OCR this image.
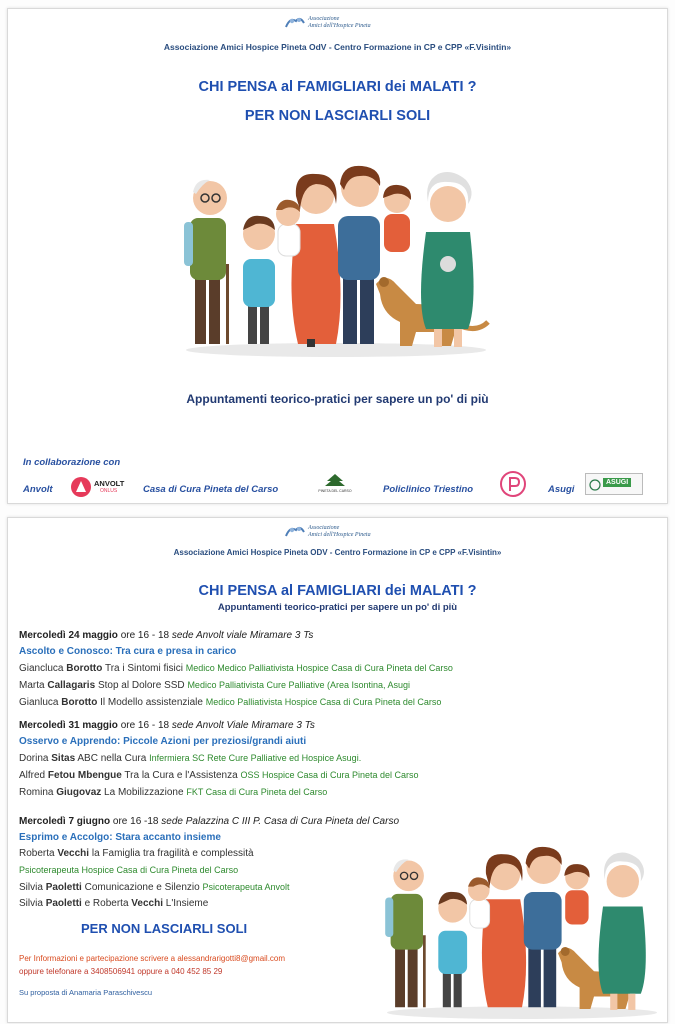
Associazione
Amici dell'Hospice Pineta
Associazione Amici Hospice Pineta OdV - Centro Formazione in CP e CPP «F.Visintin»
CHI PENSA al FAMIGLIARI dei MALATI ?
PER NON LASCIARLI SOLI
Appuntamenti teorico-pratici per sapere un po' di più
In collaborazione con
Anvolt
ANVOLT
ONLUS	Casa di Cura Pineta del Carso	PINETA DEL CARSO	Policlinico Triestino	Asugi
ASUGI
Associazione
Amici dell'Hospice Pineta
Associazione Amici Hospice Pineta ODV - Centro Formazione in CP e CPP «F.Visintin»
CHI PENSA al FAMIGLIARI dei MALATI ?
Appuntamenti teorico-pratici per sapere un po' di più
Mercoledì 24 maggio ore 16 - 18 sede Anvolt viale Miramare 3 Ts
Ascolto e Conosco: Tra cura e presa in carico
Giancluca Borotto Tra i Sintomi fisici Medico Medico Palliativista Hospice Casa di Cura Pineta del Carso
Marta Callagaris Stop al Dolore SSD Medico Palliativista Cure Palliative (Area Isontina, Asugi
Gianluca Borotto Il Modello assistenziale Medico Palliativista Hospice Casa di Cura Pineta del Carso
Mercoledì 31 maggio ore 16 - 18 sede Anvolt Viale Miramare 3 Ts
Osservo e Apprendo: Piccole Azioni per preziosi/grandi aiuti
Dorina Sitas ABC nella Cura Infermiera SC Rete Cure Palliative ed Hospice Asugi.
Alfred Fetou Mbengue Tra la Cura e l'Assistenza OSS Hospice Casa di Cura Pineta del Carso
Romina Giugovaz La Mobilizzazione FKT Casa di Cura Pineta del Carso
Mercoledì 7 giugno ore 16 -18 sede Palazzina C III P. Casa di Cura Pineta del Carso
Esprimo e Accolgo: Stara accanto insieme
Roberta Vecchi la Famiglia tra fragilità e complessità
Psicoterapeuta Hospice Casa di Cura Pineta del Carso
Silvia Paoletti Comunicazione e Silenzio Psicoterapeuta Anvolt
Silvia Paoletti e Roberta Vecchi L'Insieme
PER NON LASCIARLI SOLI
Per Informazioni e partecipazione scrivere a alessandrarigotti8@gmail.com
oppure telefonare a 3408506941 oppure a 040 452 85 29
Su proposta di Anamaria Paraschivescu
